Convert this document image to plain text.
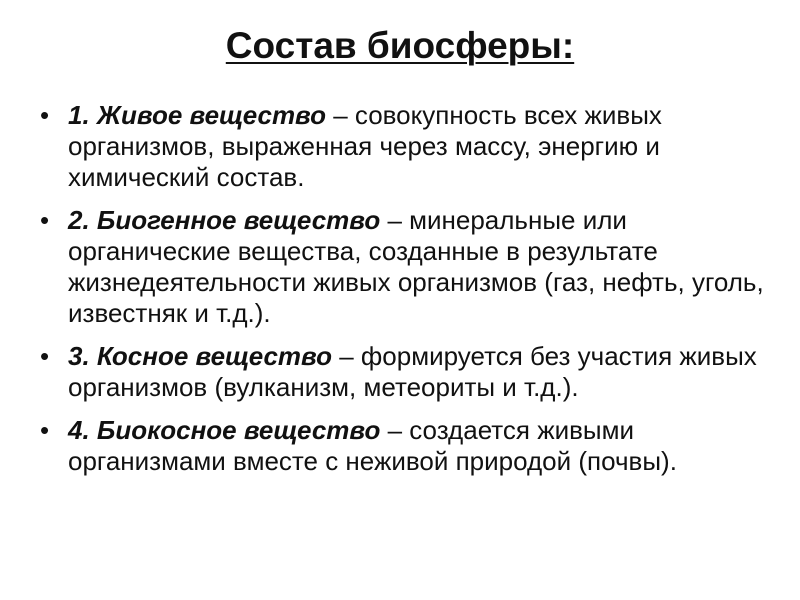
Состав биосферы:
• 1. Живое вещество – совокупность всех живых организмов, выраженная через массу, энергию и химический состав.
• 2. Биогенное вещество – минеральные или органические вещества, созданные в результате жизнедеятельности живых организмов (газ, нефть, уголь, известняк и т.д.).
• 3. Косное вещество – формируется без участия живых организмов (вулканизм, метеориты и т.д.).
• 4. Биокосное вещество – создается живыми организмами вместе с неживой природой (почвы).
